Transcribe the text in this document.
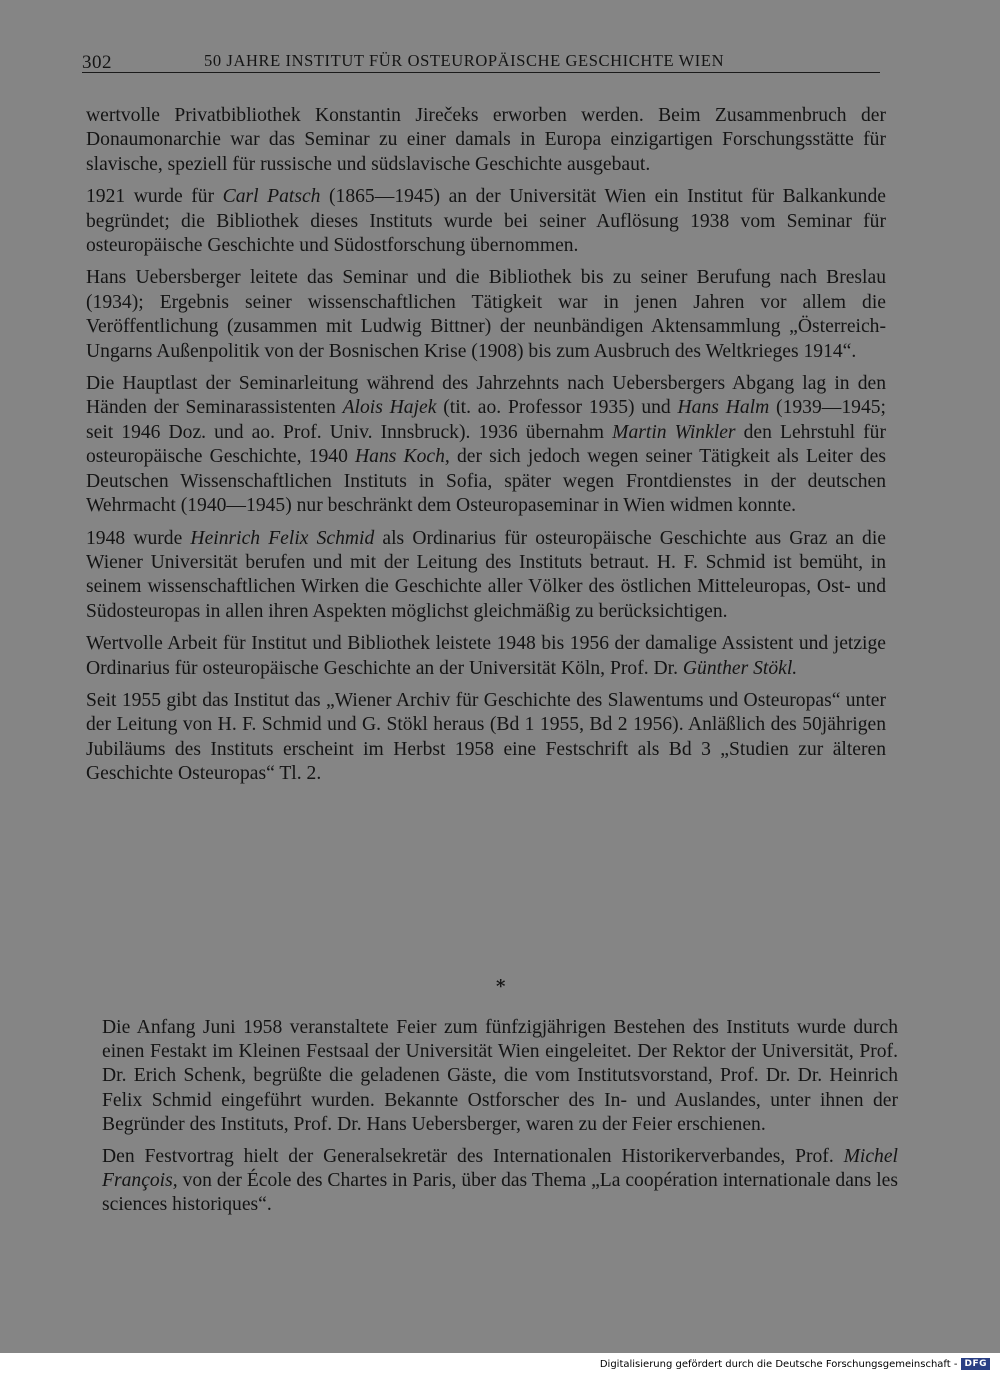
302	50 JAHRE INSTITUT FÜR OSTEUROPÄISCHE GESCHICHTE WIEN

wertvolle Privatbibliothek Konstantin Jirečeks erworben werden. Beim Zusammenbruch der Donaumonarchie war das Seminar zu einer damals in Europa einzigartigen Forschungsstätte für slavische, speziell für russische und südslavische Geschichte ausgebaut.

1921 wurde für Carl Patsch (1865—1945) an der Universität Wien ein Institut für Balkankunde begründet; die Bibliothek dieses Instituts wurde bei seiner Auflösung 1938 vom Seminar für osteuropäische Geschichte und Südostforschung übernommen.

Hans Uebersberger leitete das Seminar und die Bibliothek bis zu seiner Berufung nach Breslau (1934); Ergebnis seiner wissenschaftlichen Tätigkeit war in jenen Jahren vor allem die Veröffentlichung (zusammen mit Ludwig Bittner) der neunbändigen Aktensammlung „Österreich-Ungarns Außenpolitik von der Bosnischen Krise (1908) bis zum Ausbruch des Weltkrieges 1914“.

Die Hauptlast der Seminarleitung während des Jahrzehnts nach Uebersbergers Abgang lag in den Händen der Seminarassistenten Alois Hajek (tit. ao. Professor 1935) und Hans Halm (1939—1945; seit 1946 Doz. und ao. Prof. Univ. Innsbruck). 1936 übernahm Martin Winkler den Lehrstuhl für osteuropäische Geschichte, 1940 Hans Koch, der sich jedoch wegen seiner Tätigkeit als Leiter des Deutschen Wissenschaftlichen Instituts in Sofia, später wegen Frontdienstes in der deutschen Wehrmacht (1940—1945) nur beschränkt dem Osteuropaseminar in Wien widmen konnte.

1948 wurde Heinrich Felix Schmid als Ordinarius für osteuropäische Geschichte aus Graz an die Wiener Universität berufen und mit der Leitung des Instituts betraut. H. F. Schmid ist bemüht, in seinem wissenschaftlichen Wirken die Geschichte aller Völker des östlichen Mitteleuropas, Ost- und Südosteuropas in allen ihren Aspekten möglichst gleichmäßig zu berücksichtigen.

Wertvolle Arbeit für Institut und Bibliothek leistete 1948 bis 1956 der damalige Assistent und jetzige Ordinarius für osteuropäische Geschichte an der Universität Köln, Prof. Dr. Günther Stökl.

Seit 1955 gibt das Institut das „Wiener Archiv für Geschichte des Slawentums und Osteuropas“ unter der Leitung von H. F. Schmid und G. Stökl heraus (Bd 1 1955, Bd 2 1956). Anläßlich des 50jährigen Jubiläums des Instituts erscheint im Herbst 1958 eine Festschrift als Bd 3 „Studien zur älteren Geschichte Osteuropas“ Tl. 2.

*

Die Anfang Juni 1958 veranstaltete Feier zum fünfzigjährigen Bestehen des Instituts wurde durch einen Festakt im Kleinen Festsaal der Universität Wien eingeleitet. Der Rektor der Universität, Prof. Dr. Erich Schenk, begrüßte die geladenen Gäste, die vom Institutsvorstand, Prof. Dr. Dr. Heinrich Felix Schmid eingeführt wurden. Bekannte Ostforscher des In- und Auslandes, unter ihnen der Begründer des Instituts, Prof. Dr. Hans Uebersberger, waren zu der Feier erschienen.

Den Festvortrag hielt der Generalsekretär des Internationalen Historikerverbandes, Prof. Michel François, von der École des Chartes in Paris, über das Thema „La coopération internationale dans les sciences historiques“.

Digitalisierung gefördert durch die Deutsche Forschungsgemeinschaft - DFG
